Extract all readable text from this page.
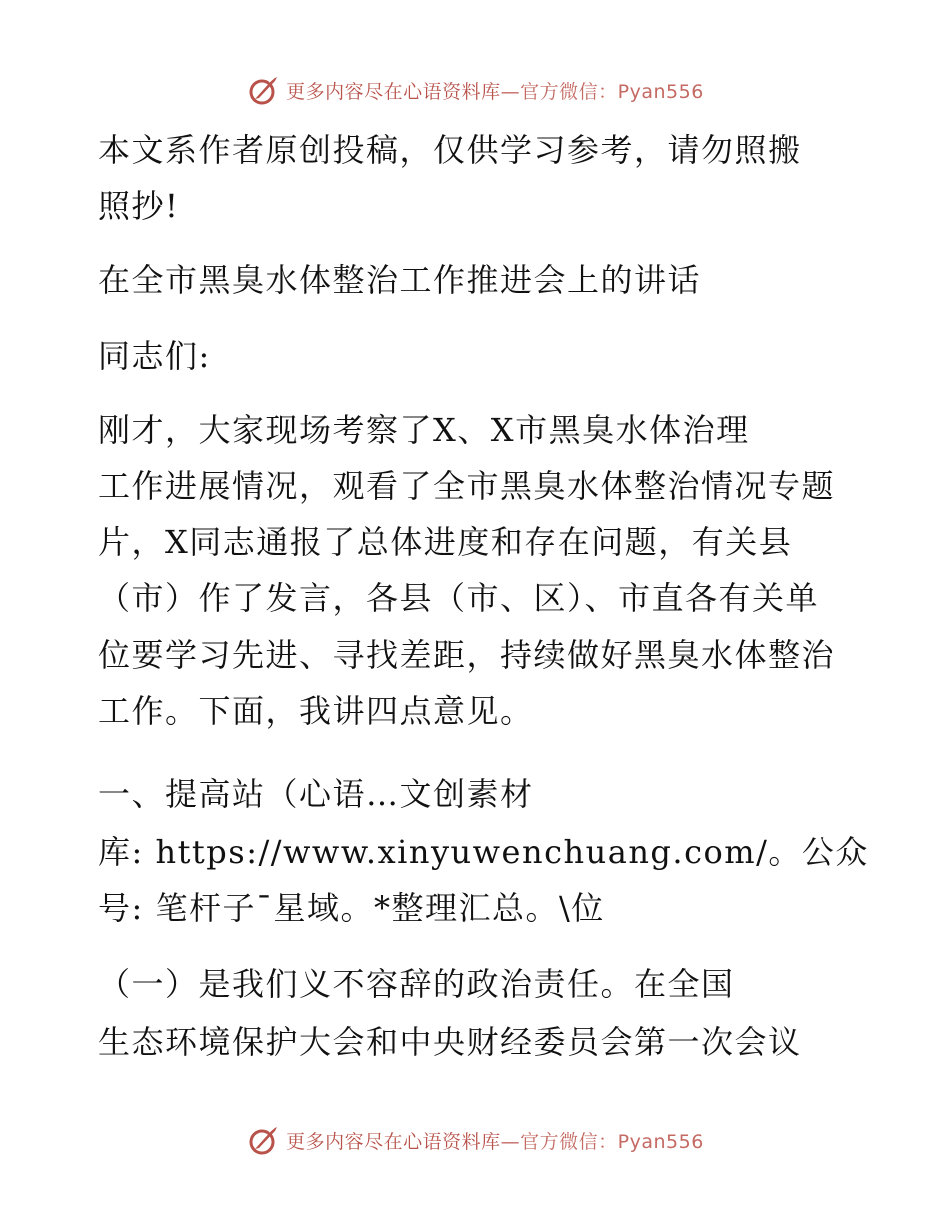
更多内容尽在心语资料库—官方微信：Pyan556
本文系作者原创投稿，仅供学习参考，请勿照搬
照抄!
在全市黑臭水体整治工作推进会上的讲话
同志们:
刚才，大家现场考察了X、X市黑臭水体治理
工作进展情况，观看了全市黑臭水体整治情况专题
片，X同志通报了总体进度和存在问题，有关县
（市）作了发言，各县（市、区）、市直各有关单
位要学习先进、寻找差距，持续做好黑臭水体整治
工作。下面，我讲四点意见。
一、提高站（心语…文创素材
库: https://www.xinyuwenchuang.com/。公众
号: 笔杆子¯星域。*整理汇总。\位
（一）是我们义不容辞的政治责任。在全国
生态环境保护大会和中央财经委员会第一次会议
更多内容尽在心语资料库—官方微信：Pyan556
